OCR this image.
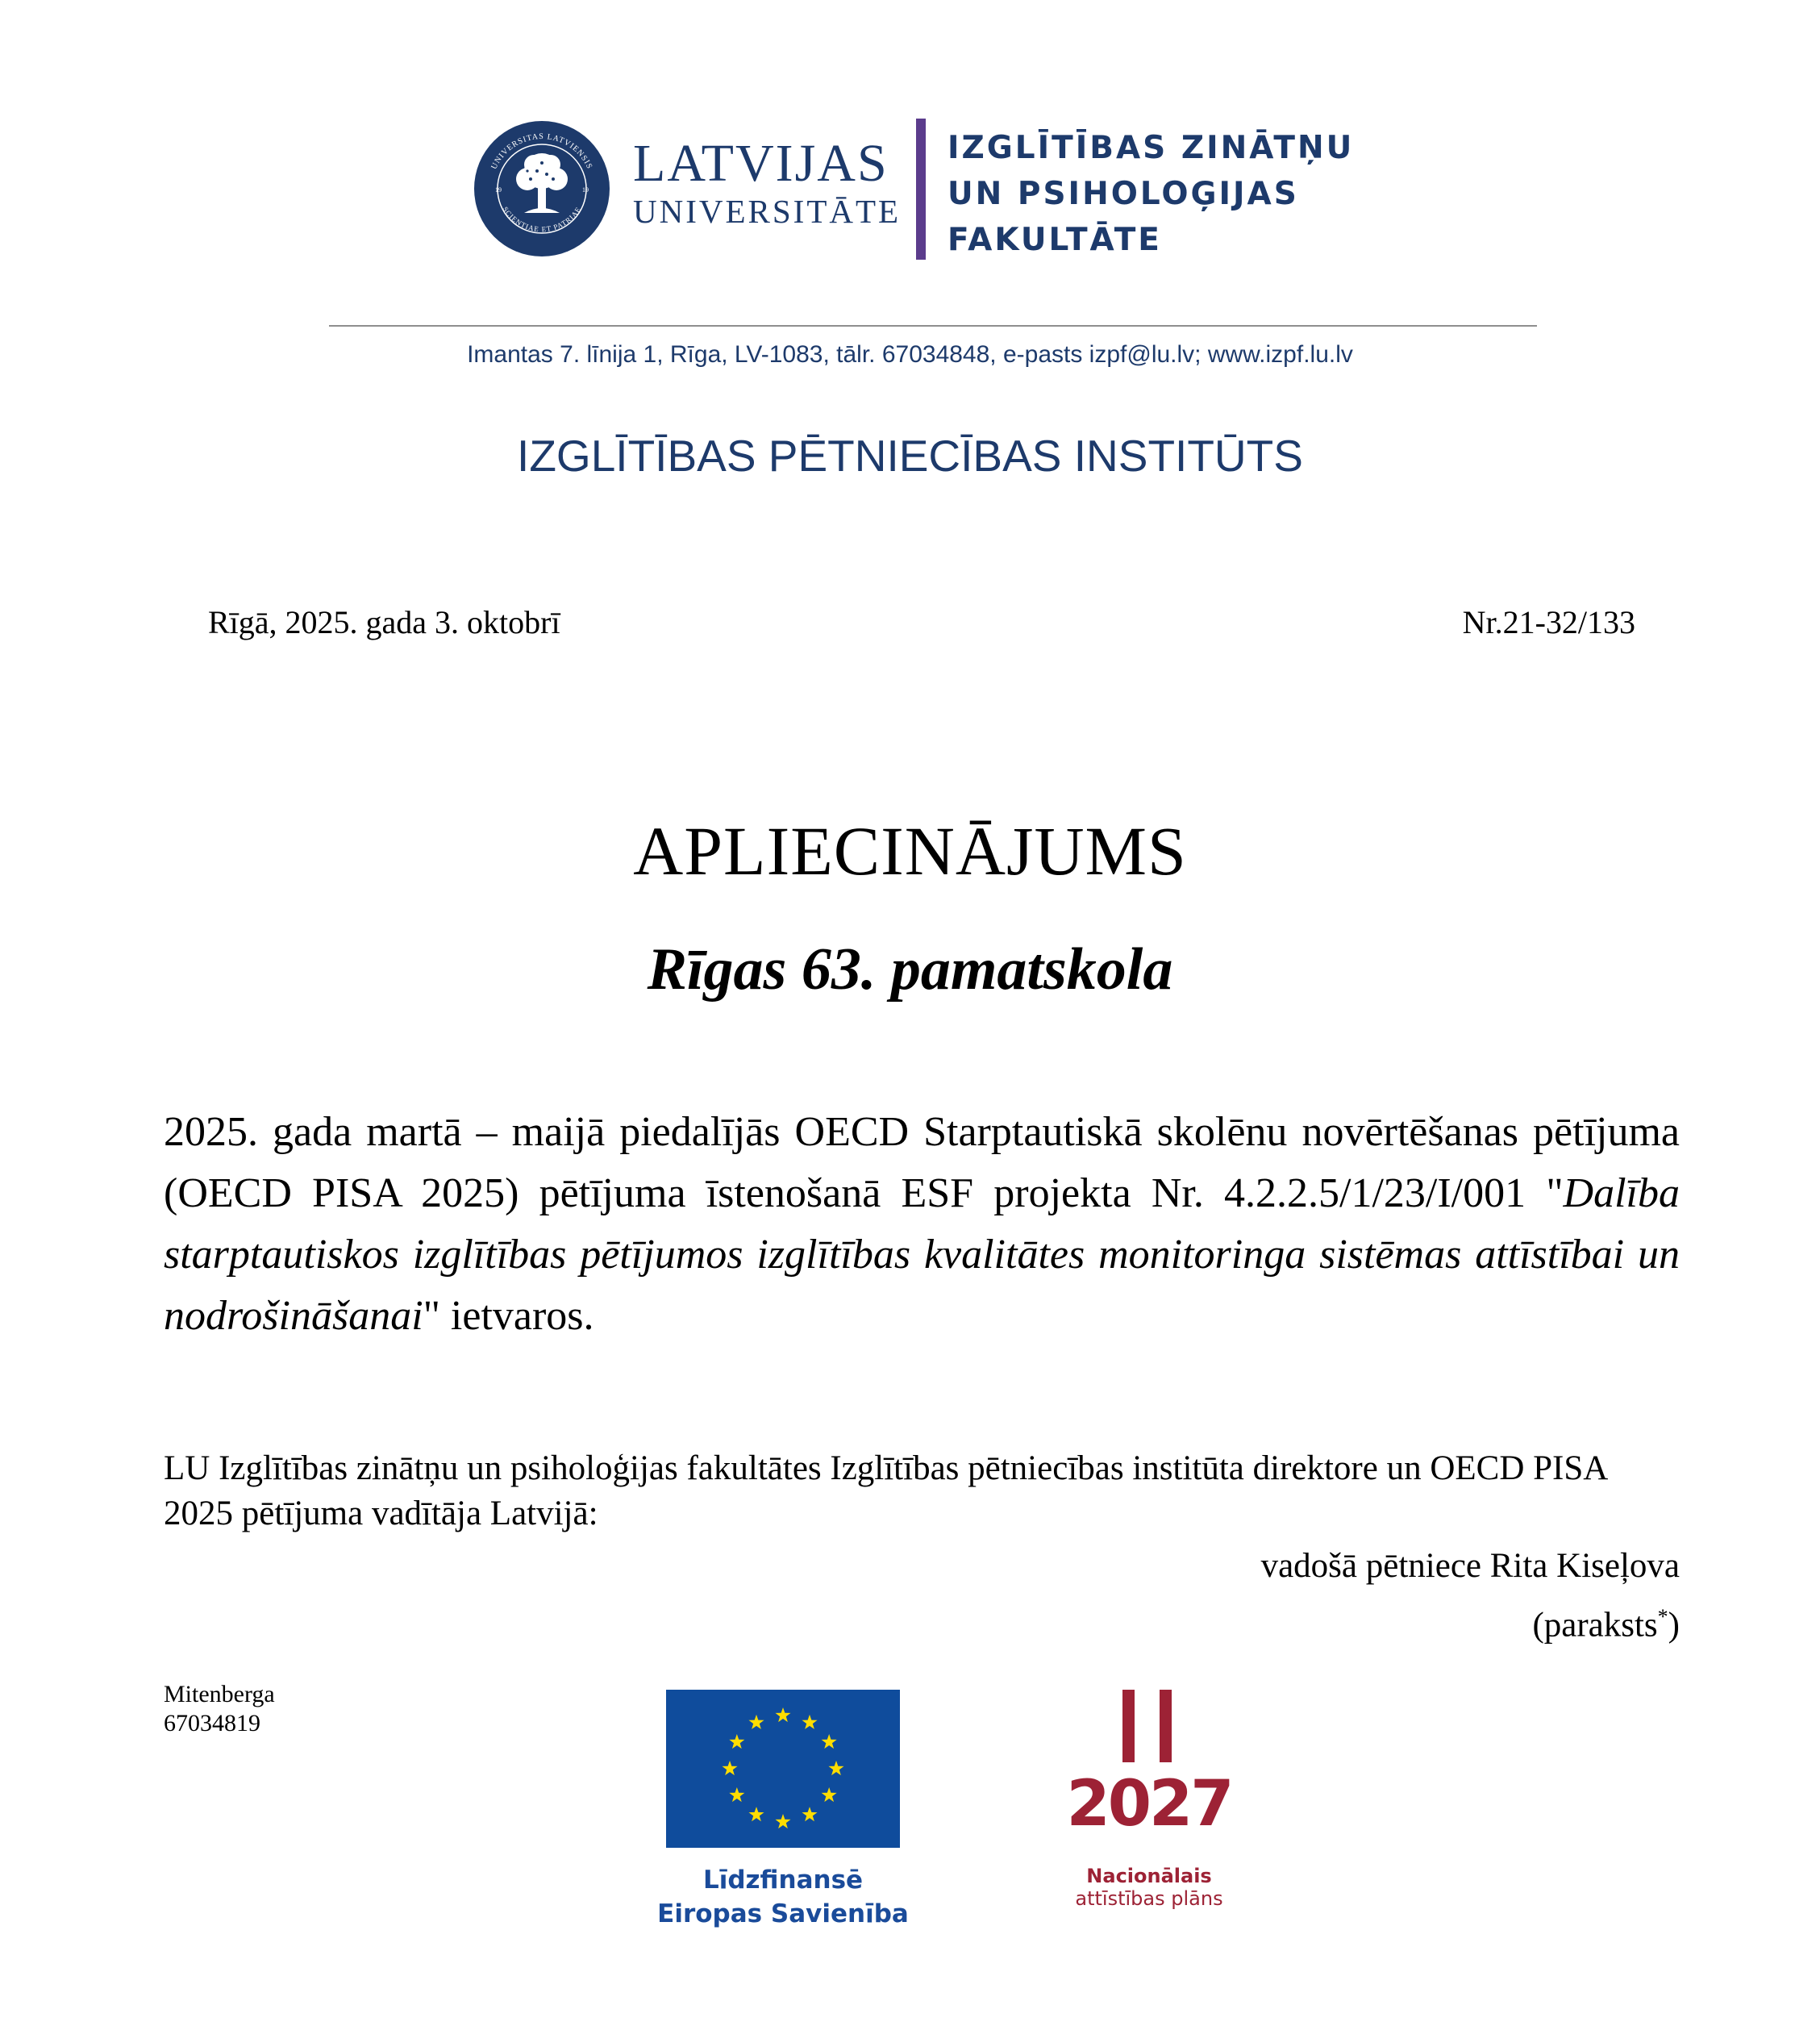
UNIVERSITAS LATVIENSIS
SCIENTIAE ET PATRIAE
19	19 LATVIJAS
UNIVERSITĀTE
IZGLĪTĪBAS ZINĀTŅU
UN PSIHOLOĢIJAS
FAKULTĀTE
Imantas 7. līnija 1, Rīga, LV-1083, tālr. 67034848, e-pasts izpf@lu.lv; www.izpf.lu.lv
IZGLĪTĪBAS PĒTNIECĪBAS INSTITŪTS
Rīgā, 2025. gada 3. oktobrī	Nr.21-32/133
APLIECINĀJUMS
Rīgas 63. pamatskola
2025. gada martā – maijā piedalījās OECD Starptautiskā skolēnu novērtēšanas pētījuma (OECD PISA 2025) pētījuma īstenošanā ESF projekta Nr. 4.2.2.5/1/23/I/001 "Dalība starptautiskos izglītības pētījumos izglītības kvalitātes monitoringa sistēmas attīstībai un nodrošināšanai" ietvaros.
LU Izglītības zinātņu un psiholoģijas fakultātes Izglītības pētniecības institūta direktore un OECD PISA 2025 pētījuma vadītāja Latvijā:
vadošā pētniece Rita Kiseļova
(paraksts*)
Mitenberga
67034819
Līdzfinansē
Eiropas Savienība
2027
Nacionālais
attīstības plāns
